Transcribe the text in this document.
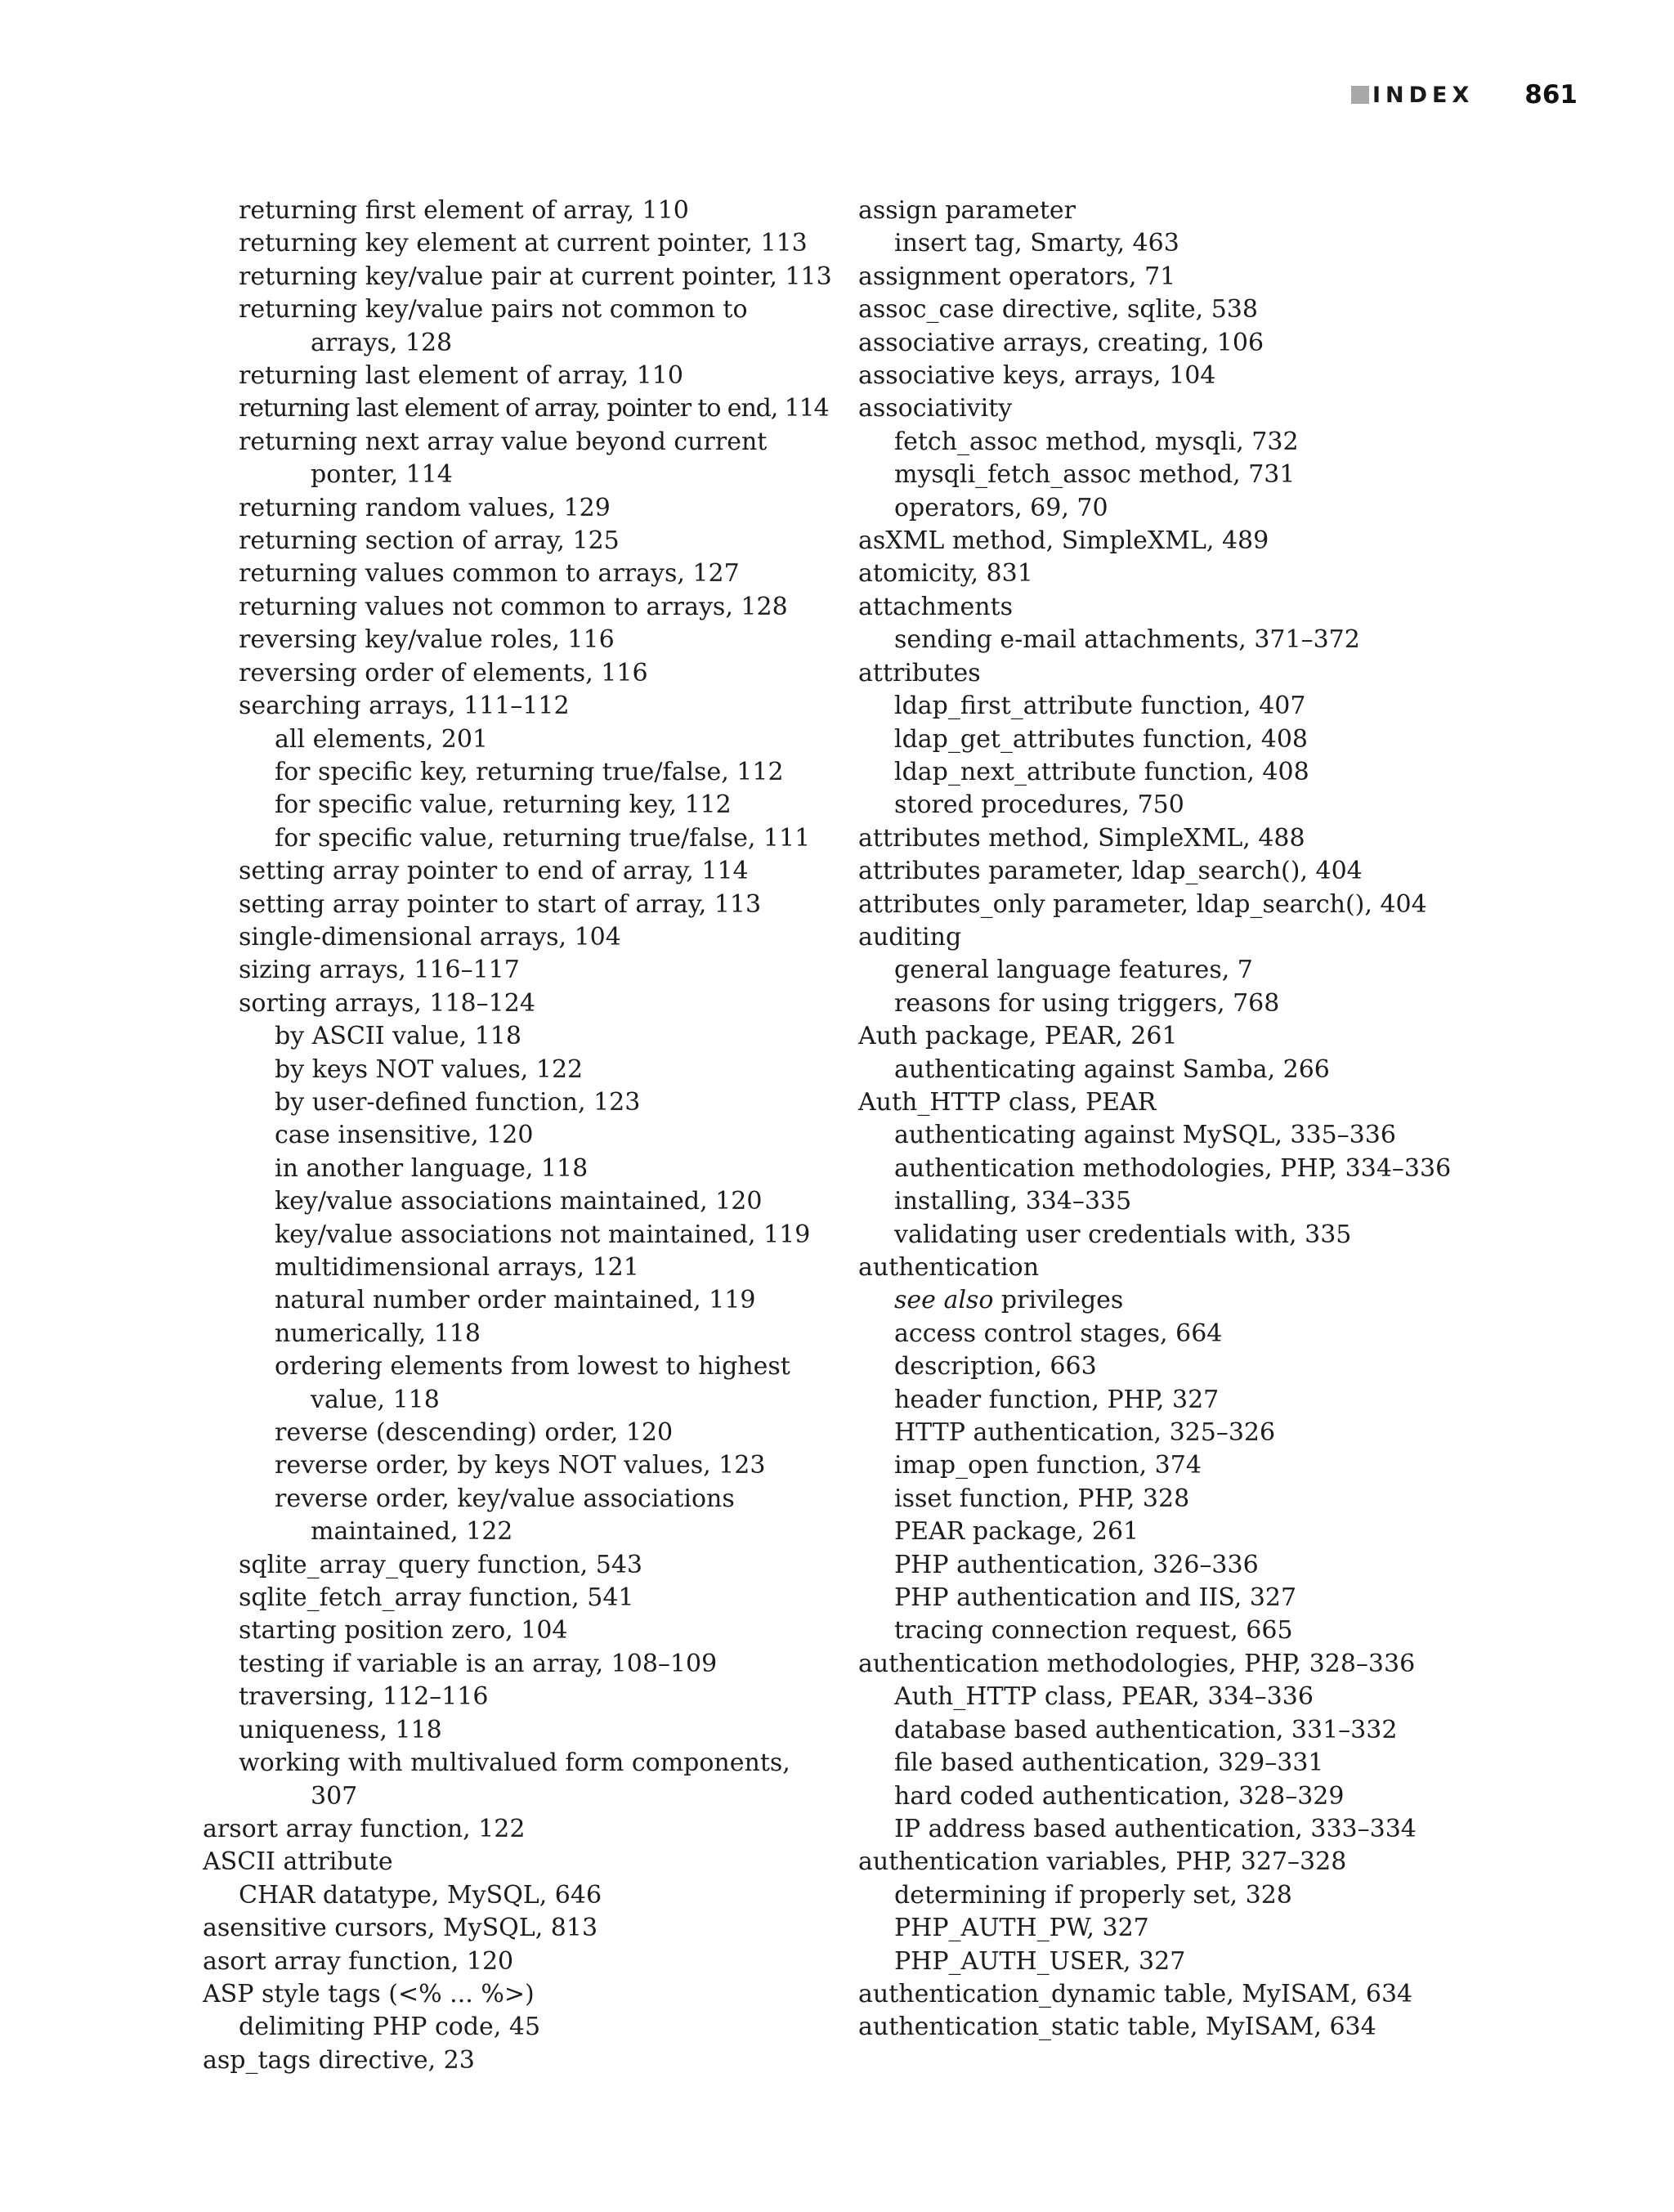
INDEX 861
returning first element of array, 110
returning key element at current pointer, 113
returning key/value pair at current pointer, 113
returning key/value pairs not common to
arrays, 128
returning last element of array, 110
returning last element of array, pointer to end, 114
returning next array value beyond current
ponter, 114
returning random values, 129
returning section of array, 125
returning values common to arrays, 127
returning values not common to arrays, 128
reversing key/value roles, 116
reversing order of elements, 116
searching arrays, 111–112
all elements, 201
for specific key, returning true/false, 112
for specific value, returning key, 112
for specific value, returning true/false, 111
setting array pointer to end of array, 114
setting array pointer to start of array, 113
single-dimensional arrays, 104
sizing arrays, 116–117
sorting arrays, 118–124
by ASCII value, 118
by keys NOT values, 122
by user-defined function, 123
case insensitive, 120
in another language, 118
key/value associations maintained, 120
key/value associations not maintained, 119
multidimensional arrays, 121
natural number order maintained, 119
numerically, 118
ordering elements from lowest to highest
value, 118
reverse (descending) order, 120
reverse order, by keys NOT values, 123
reverse order, key/value associations
maintained, 122
sqlite_array_query function, 543
sqlite_fetch_array function, 541
starting position zero, 104
testing if variable is an array, 108–109
traversing, 112–116
uniqueness, 118
working with multivalued form components,
307
arsort array function, 122
ASCII attribute
CHAR datatype, MySQL, 646
asensitive cursors, MySQL, 813
asort array function, 120
ASP style tags (<% ... %>)
delimiting PHP code, 45
asp_tags directive, 23
assign parameter
insert tag, Smarty, 463
assignment operators, 71
assoc_case directive, sqlite, 538
associative arrays, creating, 106
associative keys, arrays, 104
associativity
fetch_assoc method, mysqli, 732
mysqli_fetch_assoc method, 731
operators, 69, 70
asXML method, SimpleXML, 489
atomicity, 831
attachments
sending e-mail attachments, 371–372
attributes
ldap_first_attribute function, 407
ldap_get_attributes function, 408
ldap_next_attribute function, 408
stored procedures, 750
attributes method, SimpleXML, 488
attributes parameter, ldap_search(), 404
attributes_only parameter, ldap_search(), 404
auditing
general language features, 7
reasons for using triggers, 768
Auth package, PEAR, 261
authenticating against Samba, 266
Auth_HTTP class, PEAR
authenticating against MySQL, 335–336
authentication methodologies, PHP, 334–336
installing, 334–335
validating user credentials with, 335
authentication
see also privileges
access control stages, 664
description, 663
header function, PHP, 327
HTTP authentication, 325–326
imap_open function, 374
isset function, PHP, 328
PEAR package, 261
PHP authentication, 326–336
PHP authentication and IIS, 327
tracing connection request, 665
authentication methodologies, PHP, 328–336
Auth_HTTP class, PEAR, 334–336
database based authentication, 331–332
file based authentication, 329–331
hard coded authentication, 328–329
IP address based authentication, 333–334
authentication variables, PHP, 327–328
determining if properly set, 328
PHP_AUTH_PW, 327
PHP_AUTH_USER, 327
authentication_dynamic table, MyISAM, 634
authentication_static table, MyISAM, 634
